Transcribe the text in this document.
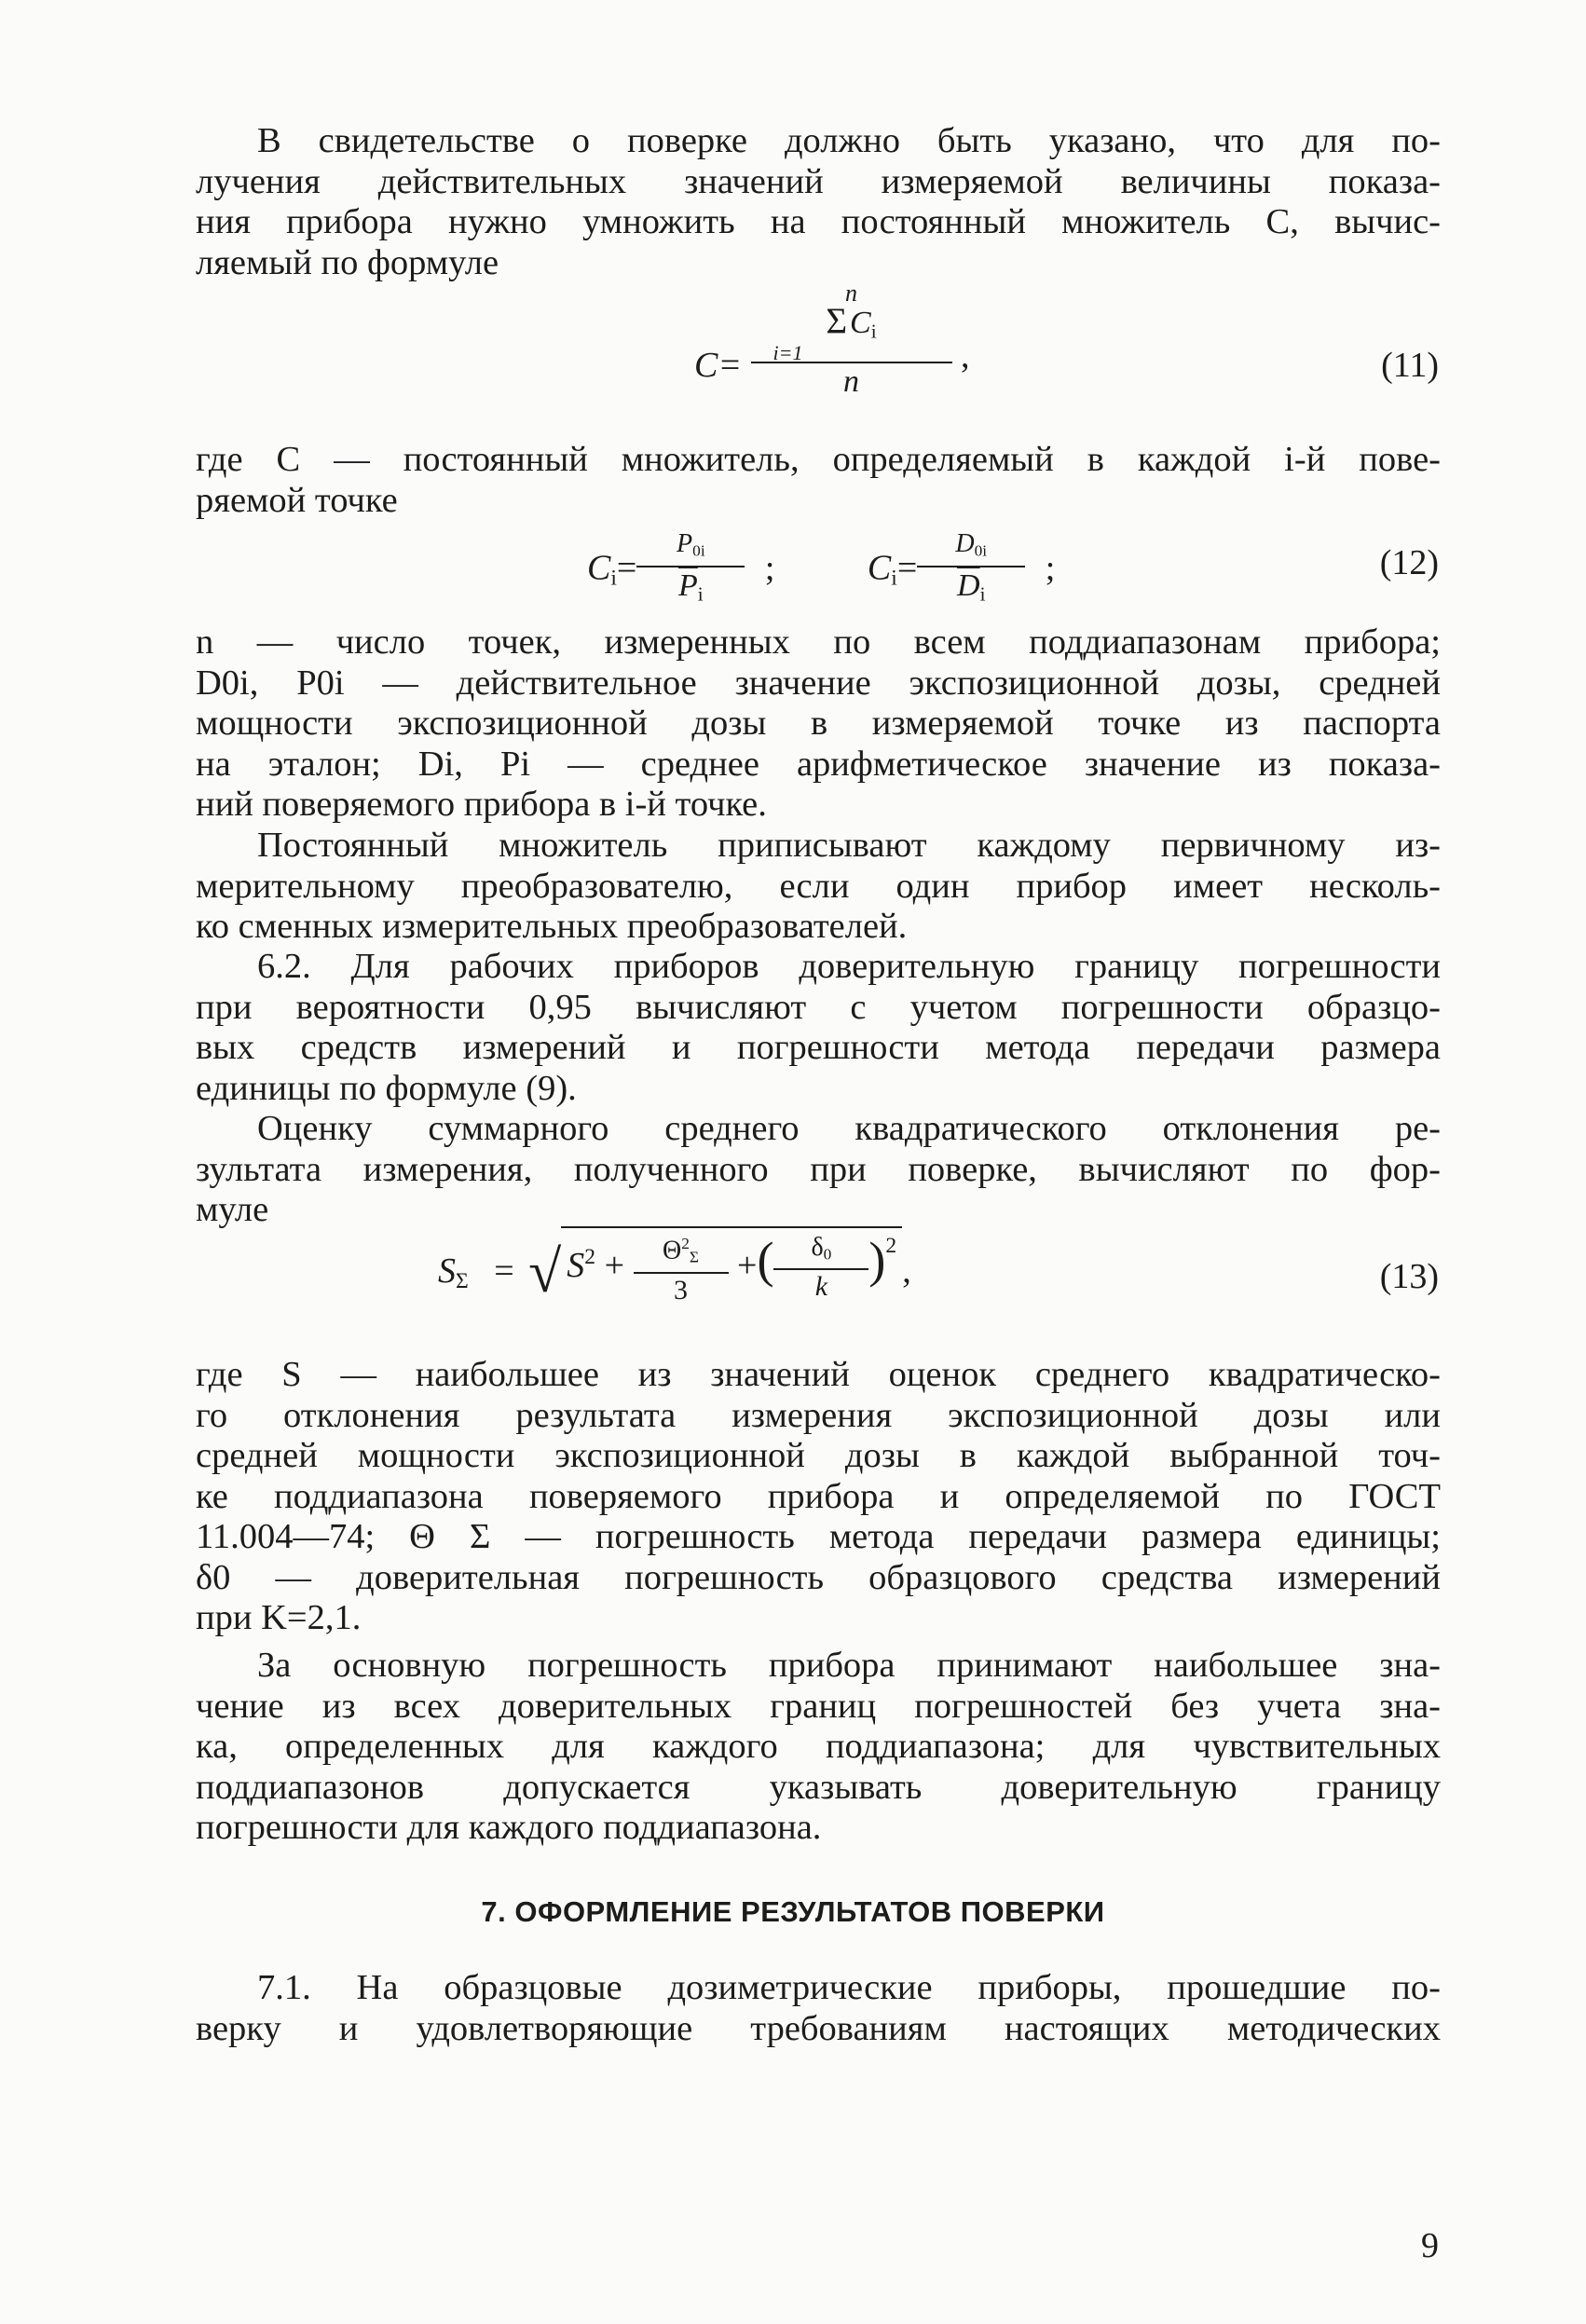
В свидетельстве о поверке должно быть указано, что для по-
лучения действительных значений измеряемой величины показа-
ния прибора нужно умножить на постоянный множитель C, вычис-
ляемый по формуле

C= n
Σ $C_i$
i=1
n ,	(11)

где C — постоянный множитель, определяемый в каждой i-й пове-
ряемой точке

$C_i= \frac{P_{0i}}{\overline{P}_i}$ ;	$C_i= \frac{D_{0i}}{\overline{D}_i}$ ;	(12)

n — число точек, измеренных по всем поддиапазонам прибора;
D0i, P0i — действительное значение экспозиционной дозы, средней
мощности экспозиционной дозы в измеряемой точке из паспорта
на эталон; Di, Pi — среднее арифметическое значение из показа-
ний поверяемого прибора в i-й точке.

Постоянный множитель приписывают каждому первичному из-
мерительному преобразователю, если один прибор имеет несколь-
ко сменных измерительных преобразователей.

6.2. Для рабочих приборов доверительную границу погрешности
при вероятности 0,95 вычисляют с учетом погрешности образцо-
вых средств измерений и погрешности метода передачи размера
единицы по формуле (9).

Оценку суммарного среднего квадратического отклонения ре-
зультата измерения, полученного при поверке, вычисляют по фор-
муле

$S_\Sigma$ = √ $S^2 + \frac{\Theta^2_\Sigma}{3}$ +( $\frac{\delta_0}{k} )^2$,	(13)

где S — наибольшее из значений оценок среднего квадратическо-
го отклонения результата измерения экспозиционной дозы или
средней мощности экспозиционной дозы в каждой выбранной точ-
ке поддиапазона поверяемого прибора и определяемой по ГОСТ
11.004—74; Θ Σ — погрешность метода передачи размера единицы;
δ0 — доверительная погрешность образцового средства измерений
при K=2,1.

За основную погрешность прибора принимают наибольшее зна-
чение из всех доверительных границ погрешностей без учета зна-
ка, определенных для каждого поддиапазона; для чувствительных
поддиапазонов допускается указывать доверительную границу
погрешности для каждого поддиапазона.

7. ОФОРМЛЕНИЕ РЕЗУЛЬТАТОВ ПОВЕРКИ

7.1. На образцовые дозиметрические приборы, прошедшие по-
верку и удовлетворяющие требованиям настоящих методических

9
